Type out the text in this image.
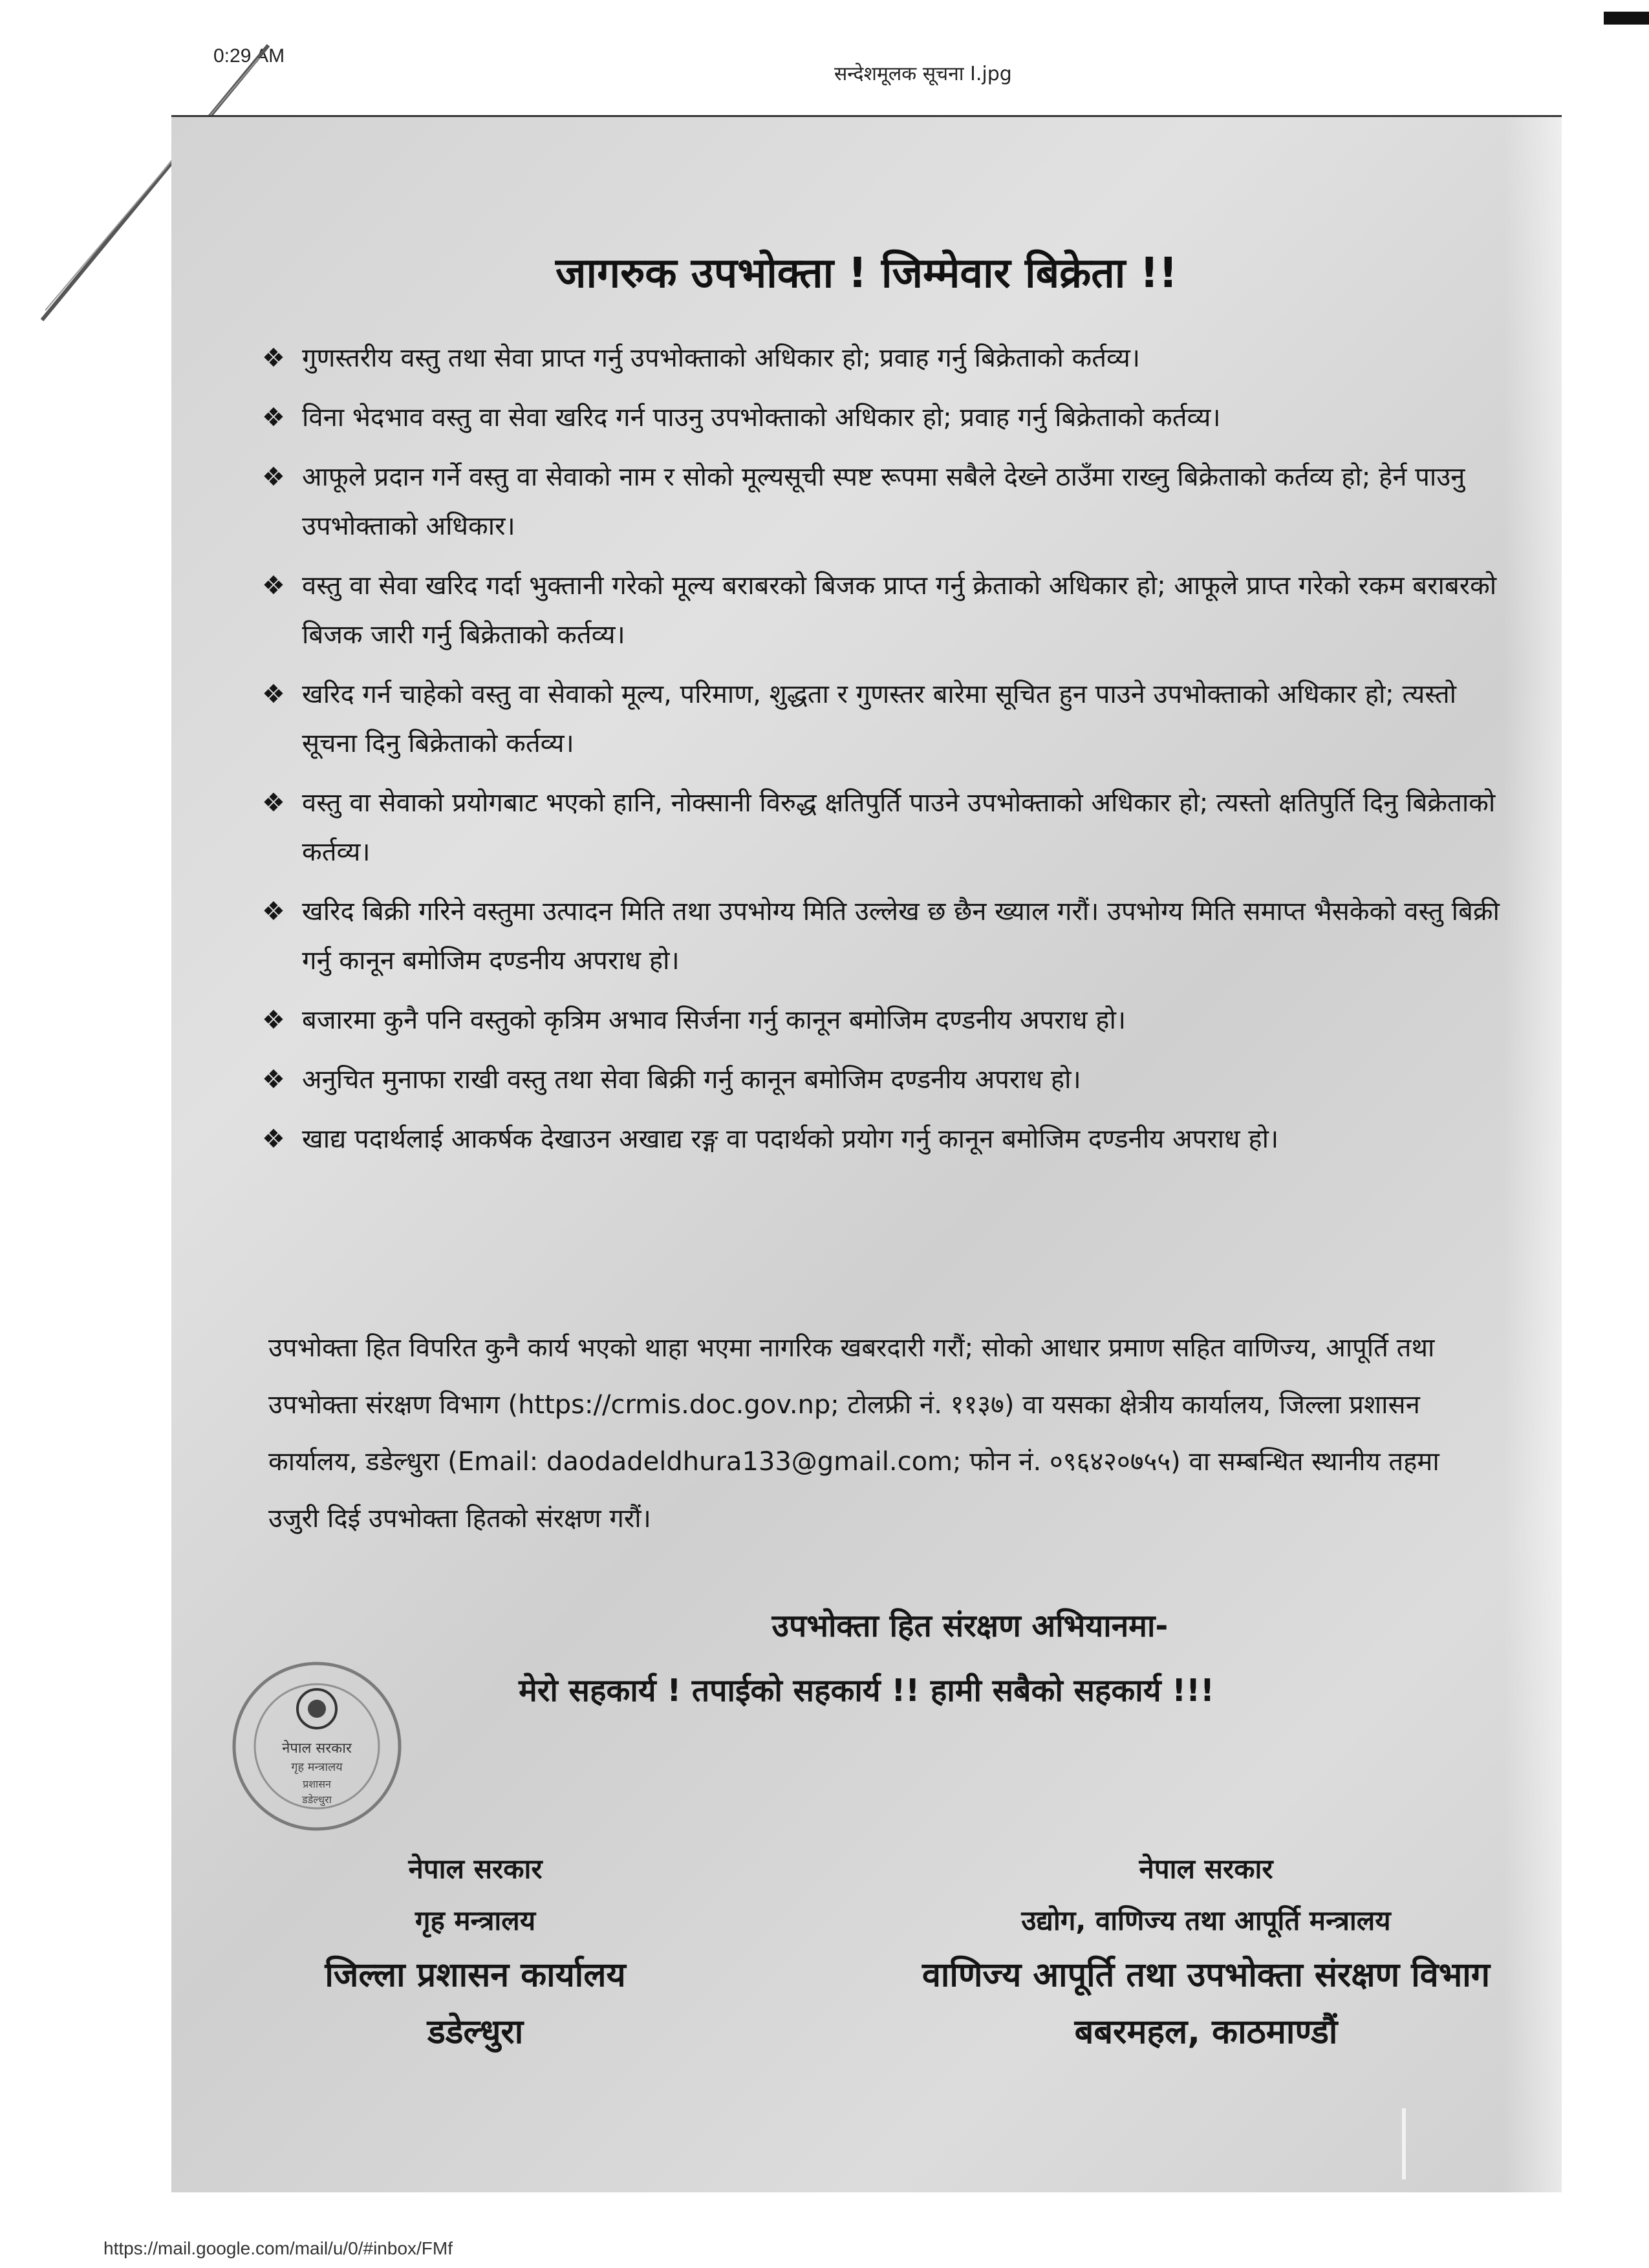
0:29 AM
सन्देशमूलक सूचना I.jpg
जागरुक उपभोक्ता ! जिम्मेवार बिक्रेता !!
❖ गुणस्तरीय वस्तु तथा सेवा प्राप्त गर्नु उपभोक्ताको अधिकार हो; प्रवाह गर्नु बिक्रेताको कर्तव्य।
❖ विना भेदभाव वस्तु वा सेवा खरिद गर्न पाउनु उपभोक्ताको अधिकार हो; प्रवाह गर्नु बिक्रेताको कर्तव्य।
❖ आफूले प्रदान गर्ने वस्तु वा सेवाको नाम र सोको मूल्यसूची स्पष्ट रूपमा सबैले देख्ने ठाउँमा राख्नु बिक्रेताको कर्तव्य हो; हेर्न पाउनु उपभोक्ताको अधिकार।
❖ वस्तु वा सेवा खरिद गर्दा भुक्तानी गरेको मूल्य बराबरको बिजक प्राप्त गर्नु क्रेताको अधिकार हो; आफूले प्राप्त गरेको रकम बराबरको बिजक जारी गर्नु बिक्रेताको कर्तव्य।
❖ खरिद गर्न चाहेको वस्तु वा सेवाको मूल्य, परिमाण, शुद्धता र गुणस्तर बारेमा सूचित हुन पाउने उपभोक्ताको अधिकार हो; त्यस्तो सूचना दिनु बिक्रेताको कर्तव्य।
❖ वस्तु वा सेवाको प्रयोगबाट भएको हानि, नोक्सानी विरुद्ध क्षतिपुर्ति पाउने उपभोक्ताको अधिकार हो; त्यस्तो क्षतिपुर्ति दिनु बिक्रेताको कर्तव्य।
❖ खरिद बिक्री गरिने वस्तुमा उत्पादन मिति तथा उपभोग्य मिति उल्लेख छ छैन ख्याल गरौं। उपभोग्य मिति समाप्त भैसकेको वस्तु बिक्री गर्नु कानून बमोजिम दण्डनीय अपराध हो।
❖ बजारमा कुनै पनि वस्तुको कृत्रिम अभाव सिर्जना गर्नु कानून बमोजिम दण्डनीय अपराध हो।
❖ अनुचित मुनाफा राखी वस्तु तथा सेवा बिक्री गर्नु कानून बमोजिम दण्डनीय अपराध हो।
❖ खाद्य पदार्थलाई आकर्षक देखाउन अखाद्य रङ्ग वा पदार्थको प्रयोग गर्नु कानून बमोजिम दण्डनीय अपराध हो।
उपभोक्ता हित विपरित कुनै कार्य भएको थाहा भएमा नागरिक खबरदारी गरौं; सोको आधार प्रमाण सहित वाणिज्य, आपूर्ति तथा उपभोक्ता संरक्षण विभाग (https://crmis.doc.gov.np; टोलफ्री नं. ११३७) वा यसका क्षेत्रीय कार्यालय, जिल्ला प्रशासन कार्यालय, डडेल्धुरा (Email: daodadeldhura133@gmail.com; फोन नं. ०९६४२०७५५) वा सम्बन्धित स्थानीय तहमा उजुरी दिई उपभोक्ता हितको संरक्षण गरौं।
उपभोक्ता हित संरक्षण अभियानमा-
मेरो सहकार्य ! तपाईको सहकार्य !! हामी सबैको सहकार्य !!!
नेपाल सरकार
गृह मन्त्रालय
प्रशासन
डडेल्धुरा
नेपाल सरकार
गृह मन्त्रालय
जिल्ला प्रशासन कार्यालय
डडेल्धुरा
नेपाल सरकार
उद्योग, वाणिज्य तथा आपूर्ति मन्त्रालय
वाणिज्य आपूर्ति तथा उपभोक्ता संरक्षण विभाग
बबरमहल, काठमाण्डौं
https://mail.google.com/mail/u/0/#inbox/FMf
